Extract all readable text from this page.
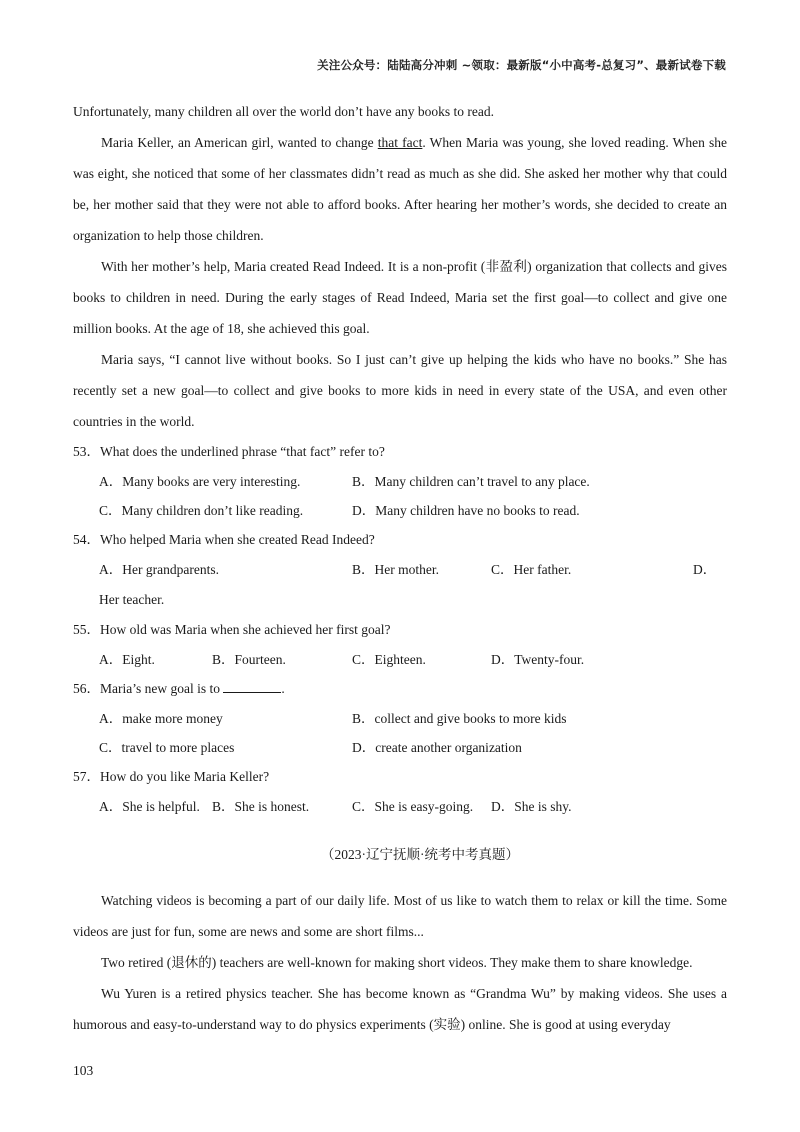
关注公众号：陆陆高分冲刺 ~领取：最新版“小中高考-总复习”、最新试卷下载

Unfortunately, many children all over the world don’t have any books to read.

Maria Keller, an American girl, wanted to change that fact. When Maria was young, she loved reading. When she was eight, she noticed that some of her classmates didn’t read as much as she did. She asked her mother why that could be, her mother said that they were not able to afford books. After hearing her mother’s words, she decided to create an organization to help those children.

With her mother’s help, Maria created Read Indeed. It is a non-profit (非盈利) organization that collects and gives books to children in need. During the early stages of Read Indeed, Maria set the first goal—to collect and give one million books. At the age of 18, she achieved this goal.

Maria says, “I cannot live without books. So I just can’t give up helping the kids who have no books.” She has recently set a new goal—to collect and give books to more kids in need in every state of the USA, and even other countries in the world.

53．What does the underlined phrase “that fact” refer to?

A．Many books are very interesting.	B．Many children can’t travel to any place.
C．Many children don’t like reading.	D．Many children have no books to read.

54．Who helped Maria when she created Read Indeed?

A．Her grandparents.	B．Her mother.	C．Her father.	D．
Her teacher.

55．How old was Maria when she achieved her first goal?

A．Eight.	B．Fourteen.	C．Eighteen.	D．Twenty-four.

56．Maria’s new goal is to	.

A．make more money	B．collect and give books to more kids
C．travel to more places	D．create another organization

57．How do you like Maria Keller?

A．She is helpful. B．She is honest.	C．She is easy-going.	D．She is shy.

（2023·辽宁抚顺·统考中考真题）

Watching videos is becoming a part of our daily life. Most of us like to watch them to relax or kill the time. Some videos are just for fun, some are news and some are short films...

Two retired (退休的) teachers are well-known for making short videos. They make them to share knowledge.

Wu Yuren is a retired physics teacher. She has become known as “Grandma Wu” by making videos. She uses a humorous and easy-to-understand way to do physics experiments (实验) online. She is good at using everyday

103
